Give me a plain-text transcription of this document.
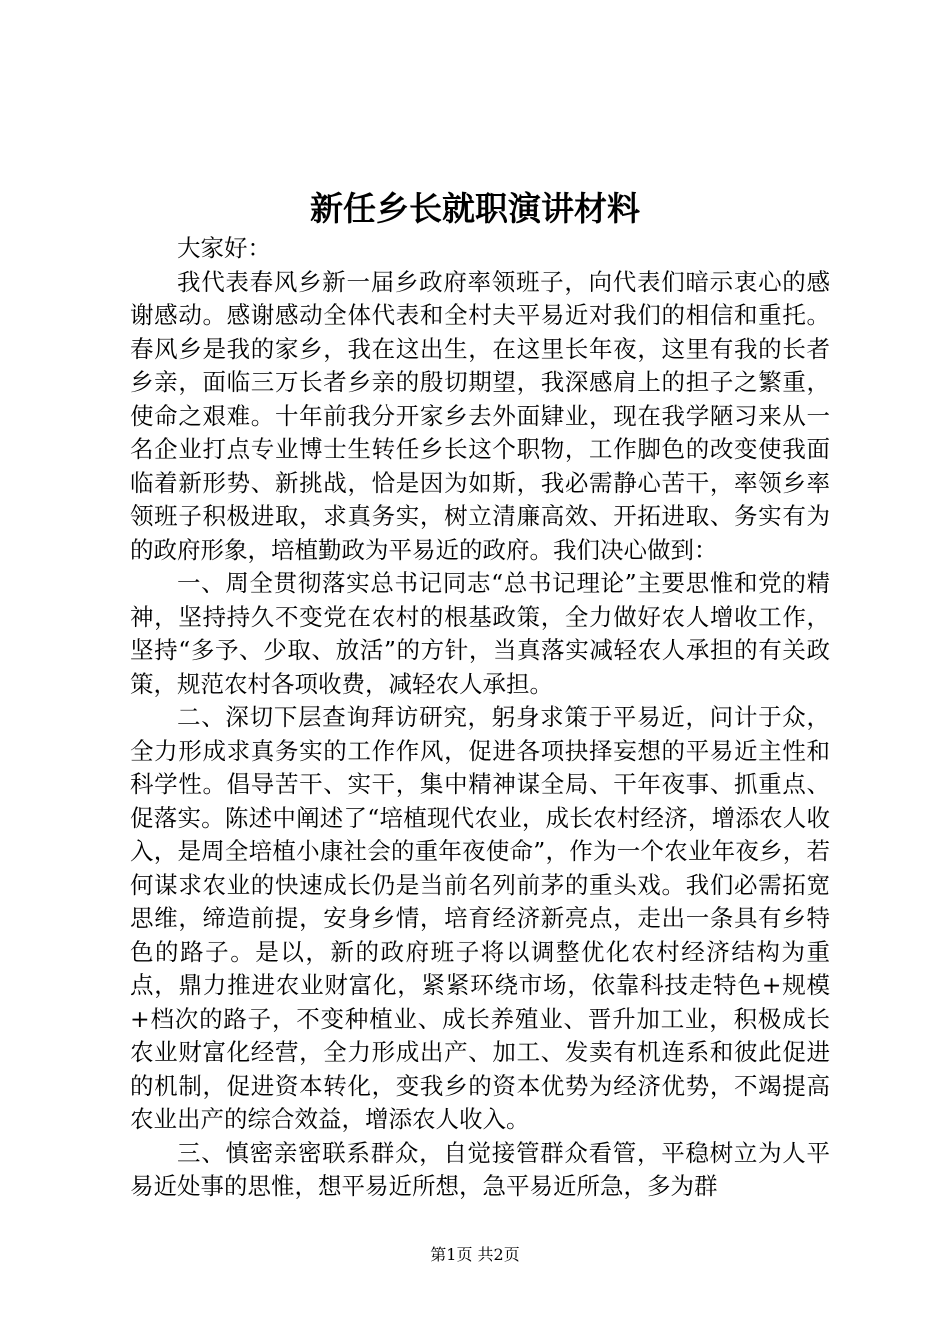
新任乡长就职演讲材料

大家好：

我代表春风乡新一届乡政府率领班子，向代表们暗示衷心的感谢感动。感谢感动全体代表和全村夫平易近对我们的相信和重托。春风乡是我的家乡，我在这出生，在这里长年夜，这里有我的长者乡亲，面临三万长者乡亲的殷切期望，我深感肩上的担子之繁重，使命之艰难。十年前我分开家乡去外面肄业，现在我学陋习来从一名企业打点专业博士生转任乡长这个职物，工作脚色的改变使我面临着新形势、新挑战，恰是因为如斯，我必需静心苦干，率领乡率领班子积极进取，求真务实，树立清廉高效、开拓进取、务实有为的政府形象，培植勤政为平易近的政府。我们决心做到：

一、周全贯彻落实总书记同志“总书记理论”主要思惟和党的精神，坚持持久不变党在农村的根基政策，全力做好农人增收工作，坚持“多予、少取、放活”的方针，当真落实减轻农人承担的有关政策，规范农村各项收费，减轻农人承担。

二、深切下层查询拜访研究，躬身求策于平易近，问计于众，全力形成求真务实的工作作风，促进各项抉择妄想的平易近主性和科学性。倡导苦干、实干，集中精神谋全局、干年夜事、抓重点、促落实。陈述中阐述了“培植现代农业，成长农村经济，增添农人收入，是周全培植小康社会的重年夜使命”，作为一个农业年夜乡，若何谋求农业的快速成长仍是当前名列前茅的重头戏。我们必需拓宽思维，缔造前提，安身乡情，培育经济新亮点，走出一条具有乡特色的路子。是以，新的政府班子将以调整优化农村经济结构为重点，鼎力推进农业财富化，紧紧环绕市场，依靠科技走特色+规模+档次的路子，不变种植业、成长养殖业、晋升加工业，积极成长农业财富化经营，全力形成出产、加工、发卖有机连系和彼此促进的机制，促进资本转化，变我乡的资本优势为经济优势，不竭提高农业出产的综合效益，增添农人收入。

三、慎密亲密联系群众，自觉接管群众看管，平稳树立为人平易近处事的思惟，想平易近所想，急平易近所急，多为群

第1页 共2页
